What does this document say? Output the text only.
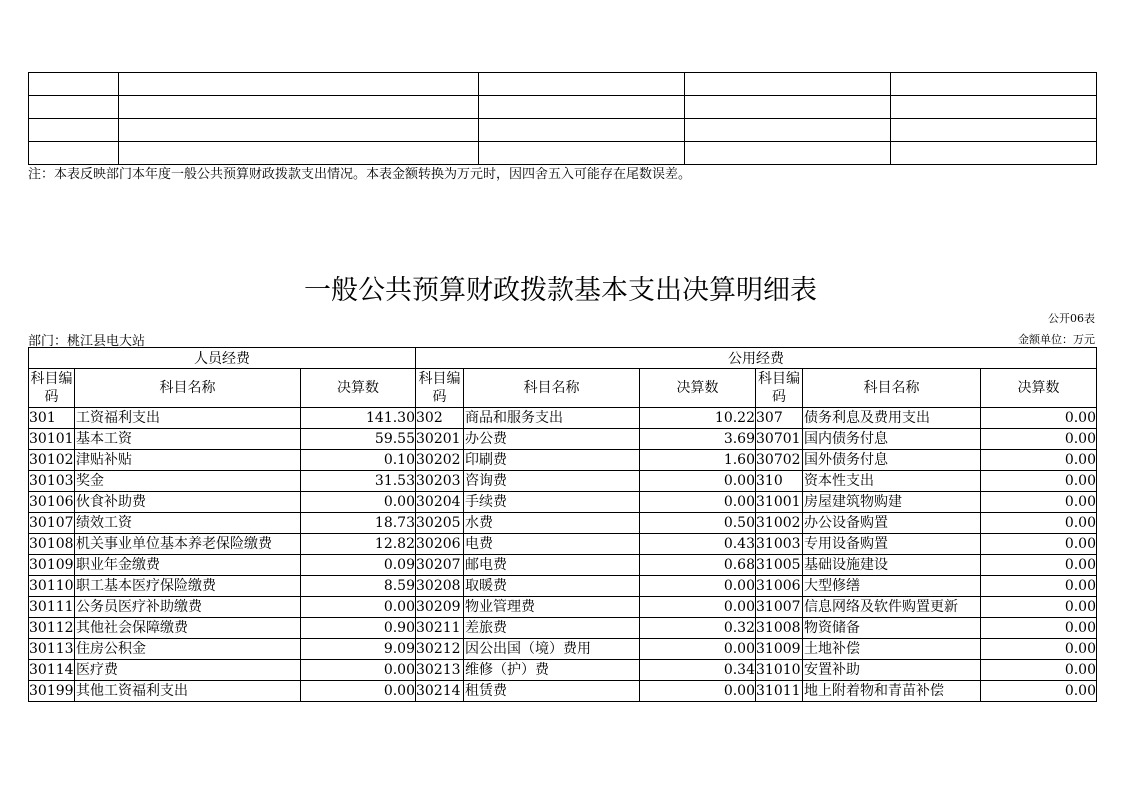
注：本表反映部门本年度一般公共预算财政拨款支出情况。本表金额转换为万元时，因四舍五入可能存在尾数误差。
一般公共预算财政拨款基本支出决算明细表
公开06表
部门：桃江县电大站	金额单位：万元
人员经费			公用经费					
科目编码	科目名称	决算数	科目编码	科目名称	决算数	科目编码	科目名称	决算数
301	工资福利支出	141.30	302	商品和服务支出	10.22	307	债务利息及费用支出	0.00
30101	基本工资	59.55	30201	办公费	3.69	30701	国内债务付息	0.00
30102	津贴补贴	0.10	30202	印刷费	1.60	30702	国外债务付息	0.00
30103	奖金	31.53	30203	咨询费	0.00	310	资本性支出	0.00
30106	伙食补助费	0.00	30204	手续费	0.00	31001	房屋建筑物购建	0.00
30107	绩效工资	18.73	30205	水费	0.50	31002	办公设备购置	0.00
30108	机关事业单位基本养老保险缴费	12.82	30206	电费	0.43	31003	专用设备购置	0.00
30109	职业年金缴费	0.09	30207	邮电费	0.68	31005	基础设施建设	0.00
30110	职工基本医疗保险缴费	8.59	30208	取暖费	0.00	31006	大型修缮	0.00
30111	公务员医疗补助缴费	0.00	30209	物业管理费	0.00	31007	信息网络及软件购置更新	0.00
30112	其他社会保障缴费	0.90	30211	差旅费	0.32	31008	物资储备	0.00
30113	住房公积金	9.09	30212	因公出国（境）费用	0.00	31009	土地补偿	0.00
30114	医疗费	0.00	30213	维修（护）费	0.34	31010	安置补助	0.00
30199	其他工资福利支出	0.00	30214	租赁费	0.00	31011	地上附着物和青苗补偿	0.00
